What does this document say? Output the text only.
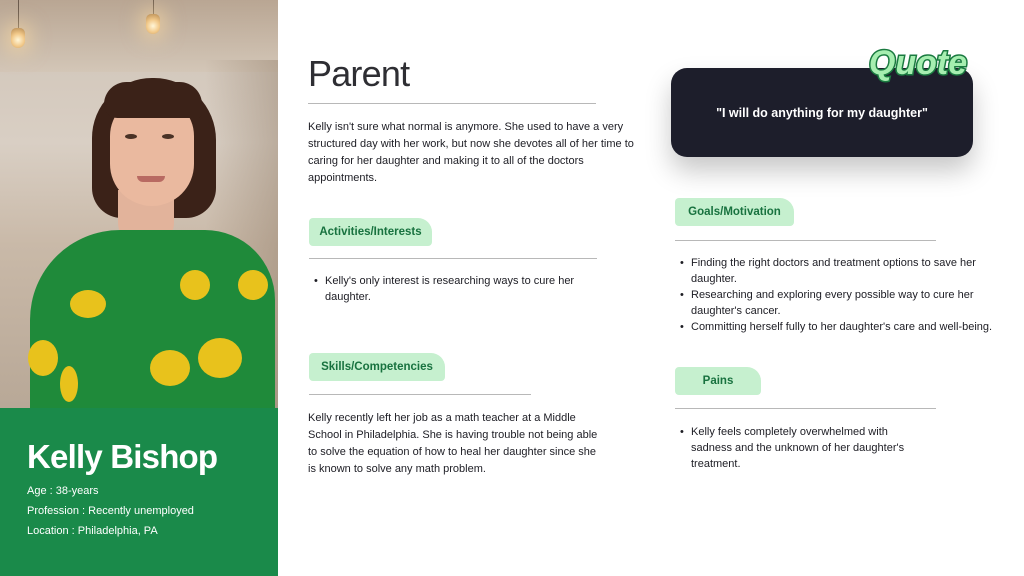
Kelly Bishop
Age : 38-years
Profession : Recently unemployed
Location : Philadelphia, PA
Parent
Kelly isn't sure what normal is anymore. She used to have a very
structured day with her work, but now she devotes all of her time to
caring for her daughter and making it to all of the doctors
appointments.
Activities/Interests
• Kelly's only interest is researching ways to cure her
daughter.
Skills/Competencies
Kelly recently left her job as a math teacher at a Middle
School in Philadelphia. She is having trouble not being able
to solve the equation of how to heal her daughter since she
is known to solve any math problem.
"I will do anything for my daughter"
Quote
Goals/Motivation
• Finding the right doctors and treatment options to save her
daughter.
• Researching and exploring every possible way to cure her
daughter's cancer.
• Committing herself fully to her daughter's care and well-being.
Pains
• Kelly feels completely overwhelmed with
sadness and the unknown of her daughter's
treatment.
